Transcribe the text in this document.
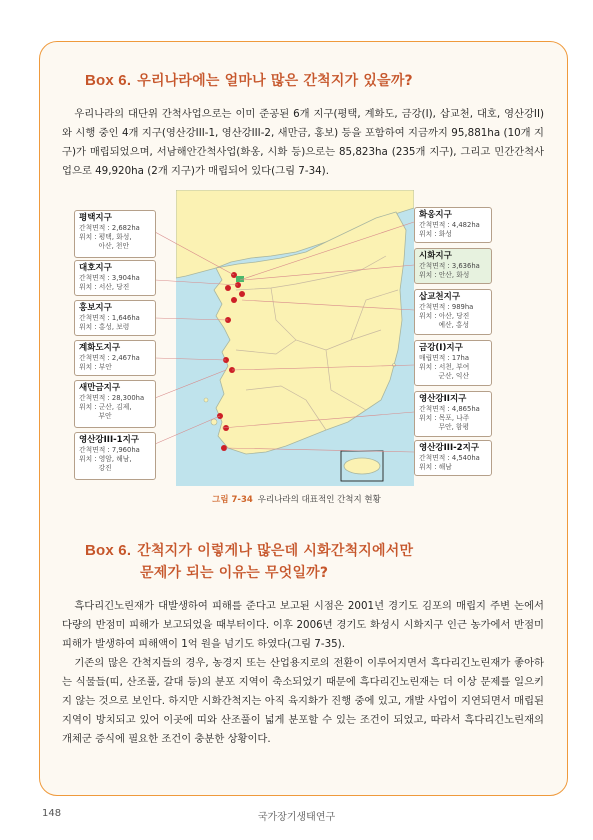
Box 6. 우리나라에는 얼마나 많은 간척지가 있을까?

우리나라의 대단위 간척사업으로는 이미 준공된 6개 지구(평택, 계화도, 금강(I), 삽교천, 대호, 영산강II)와 시행 중인 4개 지구(영산강III-1, 영산강III-2, 새만금, 홍보) 등을 포함하여 지금까지 95,881ha (10개 지구)가 매립되었으며, 서남해안간척사업(화옹, 시화 등)으로는 85,823ha (235개 지구), 그리고 민간간척사업으로 49,920ha (2개 지구)가 매립되어 있다(그림 7-34).

평택지구
간척면적 : 2,682ha
위치 : 평택, 화성,
아산, 천안
대호지구
간척면적 : 3,904ha
위치 : 서산, 당진
홍보지구
간척면적 : 1,646ha
위치 : 홍성, 보령
계화도지구
간척면적 : 2,467ha
위치 : 부안
새만금지구
간척면적 : 28,300ha
위치 : 군산, 김제,
부안
영산강III-1지구
간척면적 : 7,960ha
위치 : 영암, 해남,
강진
화옹지구
간척면적 : 4,482ha
위치 : 화성
시화지구
간척면적 : 3,636ha
위치 : 안산, 화성
삽교천지구
간척면적 : 989ha
위치 : 아산, 당진
예산, 홍성
금강(I)지구
매립면적 : 17ha
위치 : 서천, 부여
군산, 익산
영산강II지구
간척면적 : 4,865ha
위치 : 목포, 나주
무안, 함평
영산강III-2지구
간척면적 : 4,540ha
위치 : 해남
그림 7-34 우리나라의 대표적인 간척지 현황
Box 6. 간척지가 이렇게나 많은데 시화간척지에서만
문제가 되는 이유는 무엇일까?

흑다리긴노린재가 대발생하여 피해를 준다고 보고된 시점은 2001년 경기도 김포의 매립지 주변 논에서 다량의 반점미 피해가 보고되었을 때부터이다. 이후 2006년 경기도 화성시 시화지구 인근 농가에서 반점미 피해가 발생하여 피해액이 1억 원을 넘기도 하였다(그림 7-35).

기존의 많은 간척지들의 경우, 농경지 또는 산업용지로의 전환이 이루어지면서 흑다리긴노린재가 좋아하는 식물들(띠, 산조풀, 갈대 등)의 분포 지역이 축소되었기 때문에 흑다리긴노린재는 더 이상 문제를 일으키지 않는 것으로 보인다. 하지만 시화간척지는 아직 육지화가 진행 중에 있고, 개발 사업이 지연되면서 매립된 지역이 방치되고 있어 이곳에 띠와 산조풀이 넓게 분포할 수 있는 조건이 되었고, 따라서 흑다리긴노린재의 개체군 증식에 필요한 조건이 충분한 상황이다.

148	국가장기생태연구
